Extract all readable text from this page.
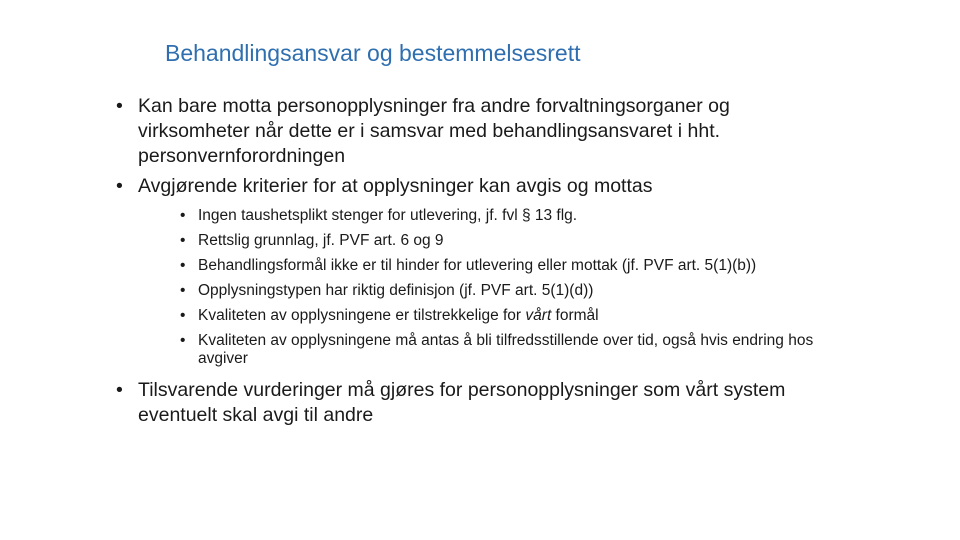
Behandlingsansvar og bestemmelsesrett
• Kan bare motta personopplysninger fra andre forvaltningsorganer og virksomheter når dette er i samsvar med behandlingsansvaret i hht. personvernforordningen
• Avgjørende kriterier for at opplysninger kan avgis og mottas
• Ingen taushetsplikt stenger for utlevering, jf. fvl § 13 flg.
• Rettslig grunnlag, jf. PVF art. 6 og 9
• Behandlingsformål ikke er til hinder for utlevering eller mottak (jf. PVF art. 5(1)(b))
• Opplysningstypen har riktig definisjon (jf. PVF art. 5(1)(d))
• Kvaliteten av opplysningene er tilstrekkelige for vårt formål
• Kvaliteten av opplysningene må antas å bli tilfredsstillende over tid, også hvis endring hos avgiver
• Tilsvarende vurderinger må gjøres for personopplysninger som vårt system eventuelt skal avgi til andre
